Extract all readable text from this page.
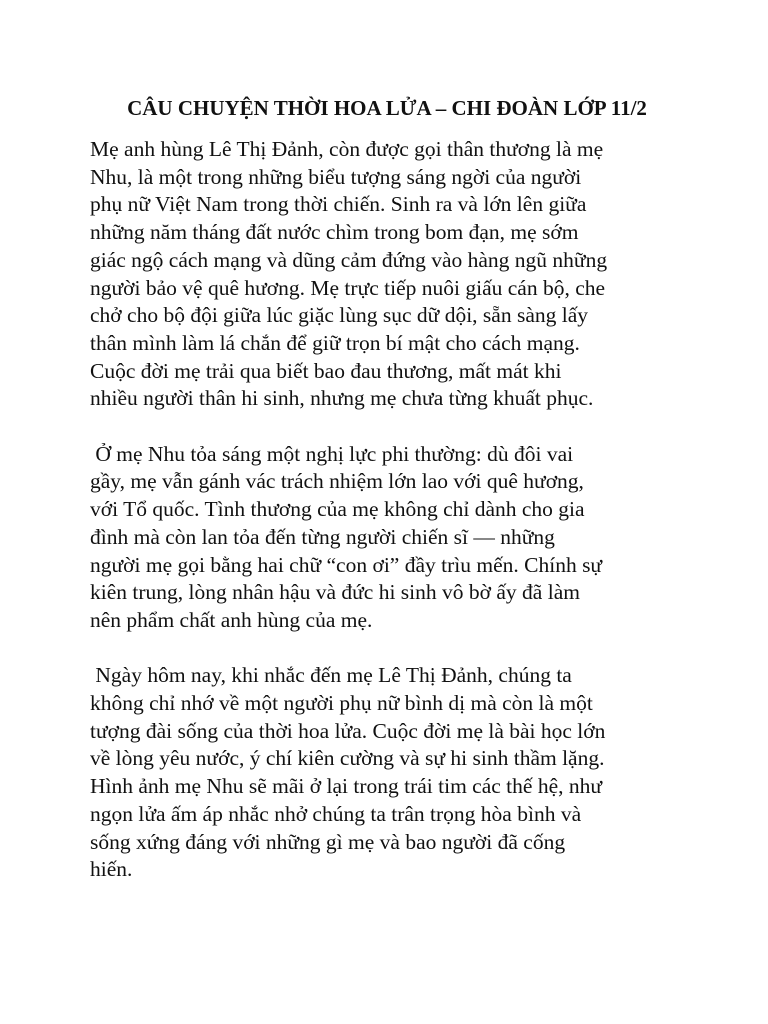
CÂU CHUYỆN THỜI HOA LỬA – CHI ĐOÀN LỚP 11/2

Mẹ anh hùng Lê Thị Đảnh, còn được gọi thân thương là mẹ
Nhu, là một trong những biểu tượng sáng ngời của người
phụ nữ Việt Nam trong thời chiến. Sinh ra và lớn lên giữa
những năm tháng đất nước chìm trong bom đạn, mẹ sớm
giác ngộ cách mạng và dũng cảm đứng vào hàng ngũ những
người bảo vệ quê hương. Mẹ trực tiếp nuôi giấu cán bộ, che
chở cho bộ đội giữa lúc giặc lùng sục dữ dội, sẵn sàng lấy
thân mình làm lá chắn để giữ trọn bí mật cho cách mạng.
Cuộc đời mẹ trải qua biết bao đau thương, mất mát khi
nhiều người thân hi sinh, nhưng mẹ chưa từng khuất phục.

Ở mẹ Nhu tỏa sáng một nghị lực phi thường: dù đôi vai
gầy, mẹ vẫn gánh vác trách nhiệm lớn lao với quê hương,
với Tổ quốc. Tình thương của mẹ không chỉ dành cho gia
đình mà còn lan tỏa đến từng người chiến sĩ — những
người mẹ gọi bằng hai chữ “con ơi” đầy trìu mến. Chính sự
kiên trung, lòng nhân hậu và đức hi sinh vô bờ ấy đã làm
nên phẩm chất anh hùng của mẹ.

Ngày hôm nay, khi nhắc đến mẹ Lê Thị Đảnh, chúng ta
không chỉ nhớ về một người phụ nữ bình dị mà còn là một
tượng đài sống của thời hoa lửa. Cuộc đời mẹ là bài học lớn
về lòng yêu nước, ý chí kiên cường và sự hi sinh thầm lặng.
Hình ảnh mẹ Nhu sẽ mãi ở lại trong trái tim các thế hệ, như
ngọn lửa ấm áp nhắc nhở chúng ta trân trọng hòa bình và
sống xứng đáng với những gì mẹ và bao người đã cống
hiến.
